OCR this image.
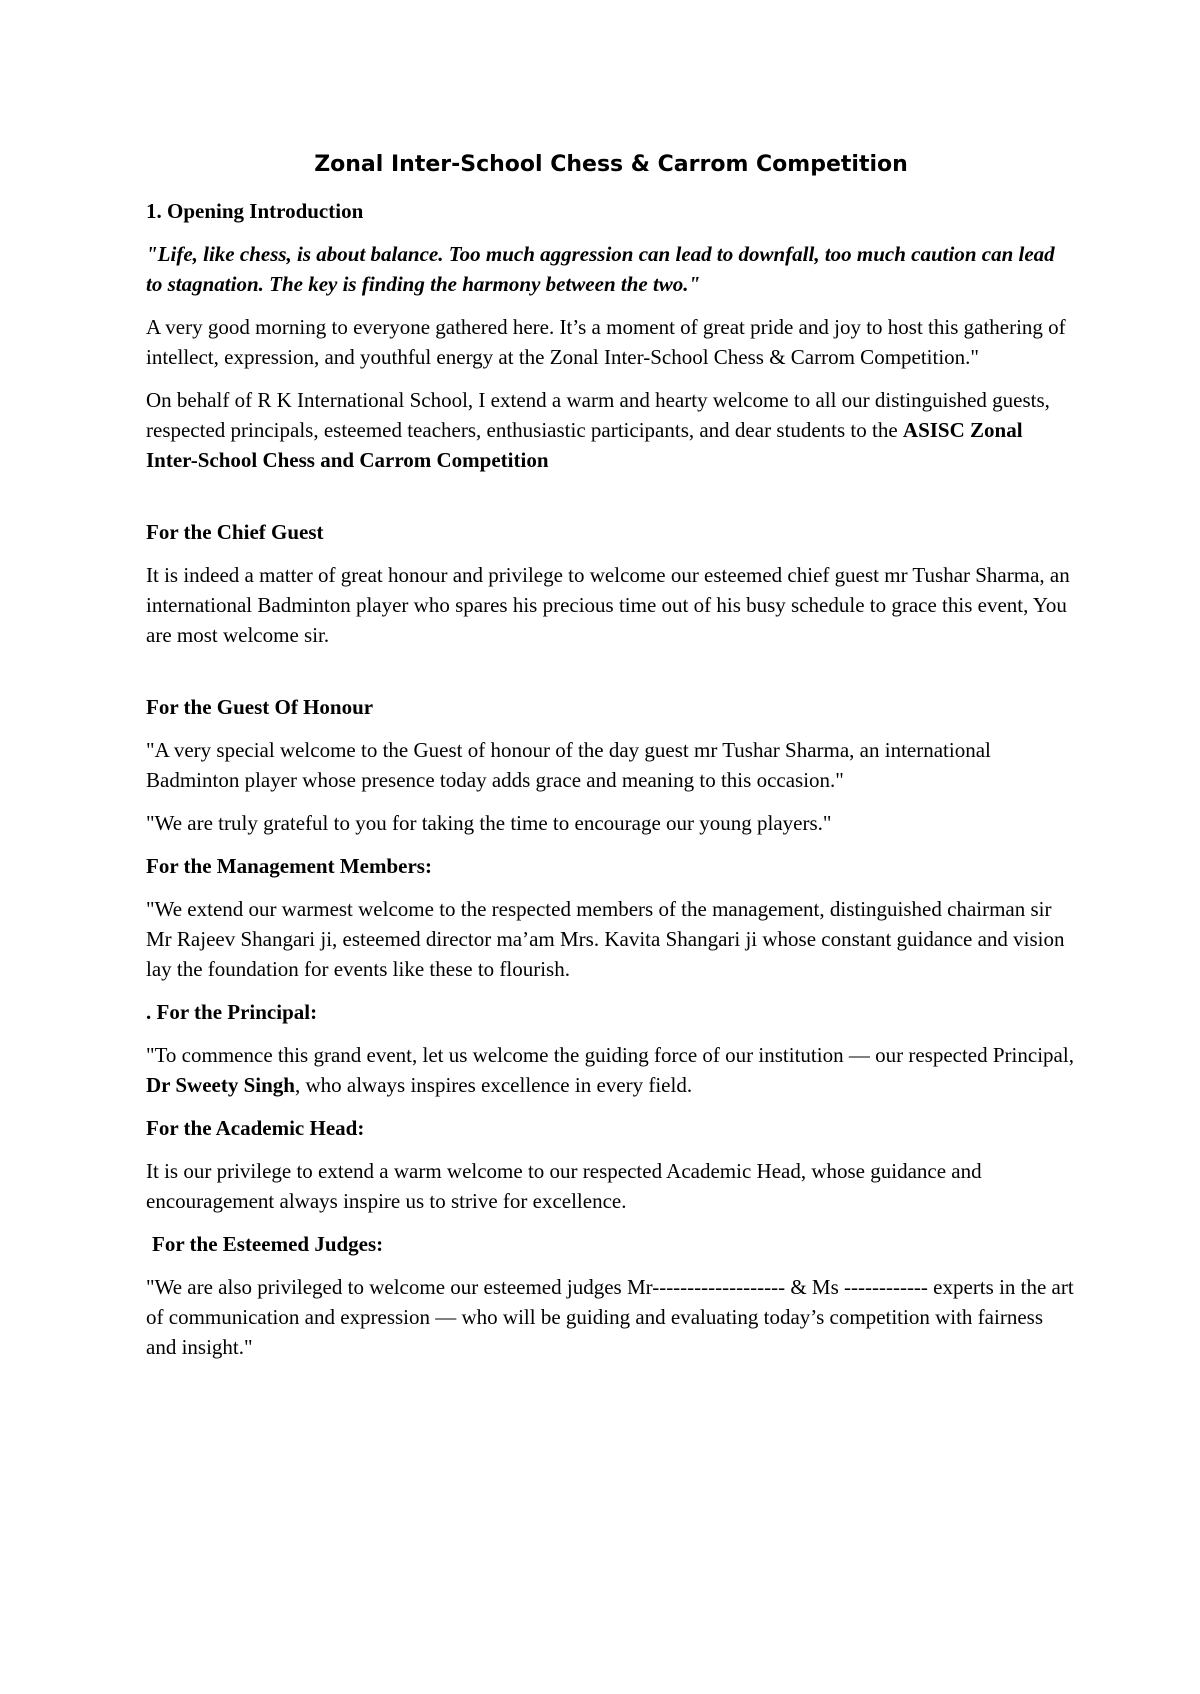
Zonal Inter-School Chess & Carrom Competition
1. Opening Introduction

"Life, like chess, is about balance. Too much aggression can lead to downfall, too much caution can lead to stagnation. The key is finding the harmony between the two."

A very good morning to everyone gathered here. It’s a moment of great pride and joy to host this gathering of intellect, expression, and youthful energy at the Zonal Inter-School Chess & Carrom Competition."

On behalf of R K International School, I extend a warm and hearty welcome to all our distinguished guests, respected principals, esteemed teachers, enthusiastic participants, and dear students to the ASISC Zonal Inter-School Chess and Carrom Competition

For the Chief Guest

It is indeed a matter of great honour and privilege to welcome our esteemed chief guest mr Tushar Sharma, an international Badminton player who spares his precious time out of his busy schedule to grace this event, You are most welcome sir.

For the Guest Of Honour

"A very special welcome to the Guest of honour of the day guest mr Tushar Sharma, an international Badminton player whose presence today adds grace and meaning to this occasion."

"We are truly grateful to you for taking the time to encourage our young players."

For the Management Members:

"We extend our warmest welcome to the respected members of the management, distinguished chairman sir Mr Rajeev Shangari ji, esteemed director ma’am Mrs. Kavita Shangari ji whose constant guidance and vision lay the foundation for events like these to flourish.

. For the Principal:

"To commence this grand event, let us welcome the guiding force of our institution — our respected Principal, Dr Sweety Singh, who always inspires excellence in every field.

For the Academic Head:

It is our privilege to extend a warm welcome to our respected Academic Head, whose guidance and encouragement always inspire us to strive for excellence.

For the Esteemed Judges:

"We are also privileged to welcome our esteemed judges Mr------------------- & Ms ------------ experts in the art of communication and expression — who will be guiding and evaluating today’s competition with fairness and insight."
